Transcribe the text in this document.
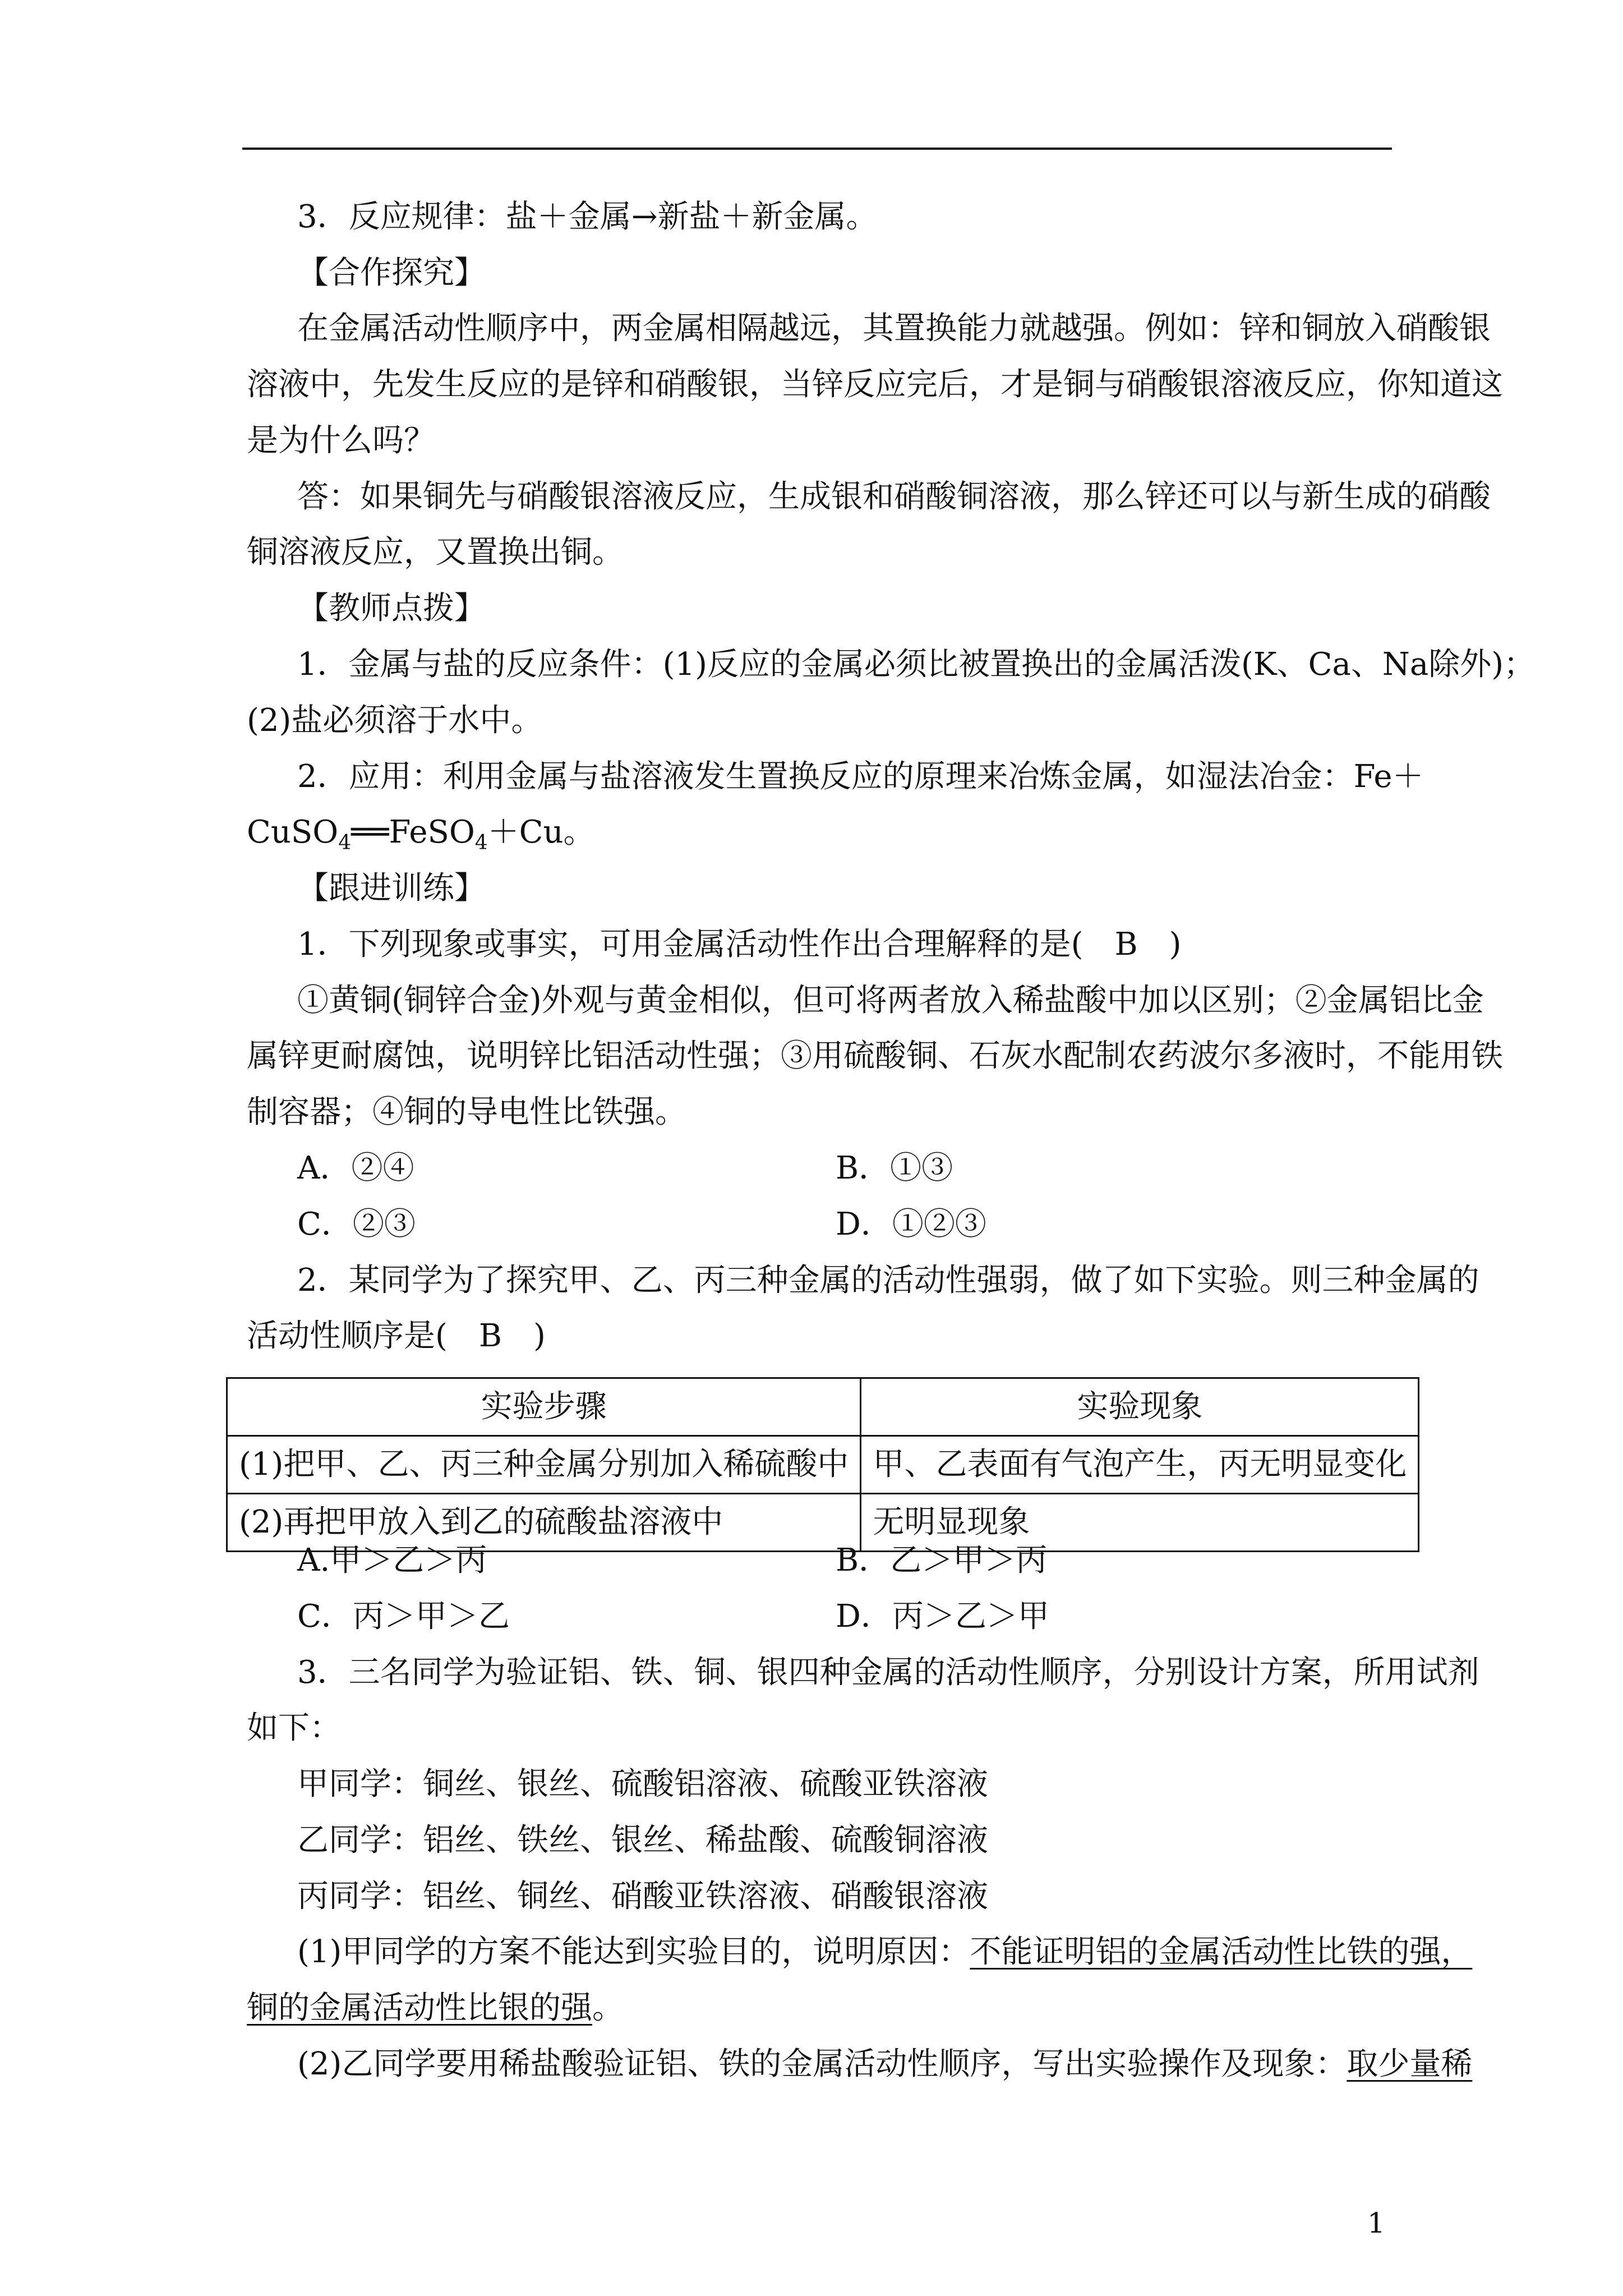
3．反应规律：盐＋金属→新盐＋新金属。
【合作探究】
在金属活动性顺序中，两金属相隔越远，其置换能力就越强。例如：锌和铜放入硝酸银
溶液中，先发生反应的是锌和硝酸银，当锌反应完后，才是铜与硝酸银溶液反应，你知道这
是为什么吗？
答：如果铜先与硝酸银溶液反应，生成银和硝酸铜溶液，那么锌还可以与新生成的硝酸
铜溶液反应，又置换出铜。
【教师点拨】
1．金属与盐的反应条件：(1)反应的金属必须比被置换出的金属活泼(K、Ca、Na除外)；
(2)盐必须溶于水中。
2．应用：利用金属与盐溶液发生置换反应的原理来冶炼金属，如湿法冶金：Fe＋
CuSO$_4$══FeSO$_4$＋Cu。
【跟进训练】
1．下列现象或事实，可用金属活动性作出合理解释的是(　B　)
①黄铜(铜锌合金)外观与黄金相似，但可将两者放入稀盐酸中加以区别；②金属铝比金
属锌更耐腐蚀，说明锌比铝活动性强；③用硫酸铜、石灰水配制农药波尔多液时，不能用铁
制容器；④铜的导电性比铁强。
A．②④	B．①③
C．②③	D．①②③
2．某同学为了探究甲、乙、丙三种金属的活动性强弱，做了如下实验。则三种金属的
活动性顺序是(　B　)
实验步骤	实验现象
(1)把甲、乙、丙三种金属分别加入稀硫酸中	甲、乙表面有气泡产生，丙无明显变化
(2)再把甲放入到乙的硫酸盐溶液中	无明显现象
A.甲＞乙＞丙	B．乙＞甲＞丙
C．丙＞甲＞乙	D．丙＞乙＞甲
3．三名同学为验证铝、铁、铜、银四种金属的活动性顺序，分别设计方案，所用试剂
如下：
甲同学：铜丝、银丝、硫酸铝溶液、硫酸亚铁溶液
乙同学：铝丝、铁丝、银丝、稀盐酸、硫酸铜溶液
丙同学：铝丝、铜丝、硝酸亚铁溶液、硝酸银溶液
(1)甲同学的方案不能达到实验目的，说明原因：不能证明铝的金属活动性比铁的强，
铜的金属活动性比银的强。
(2)乙同学要用稀盐酸验证铝、铁的金属活动性顺序，写出实验操作及现象：取少量稀
1
